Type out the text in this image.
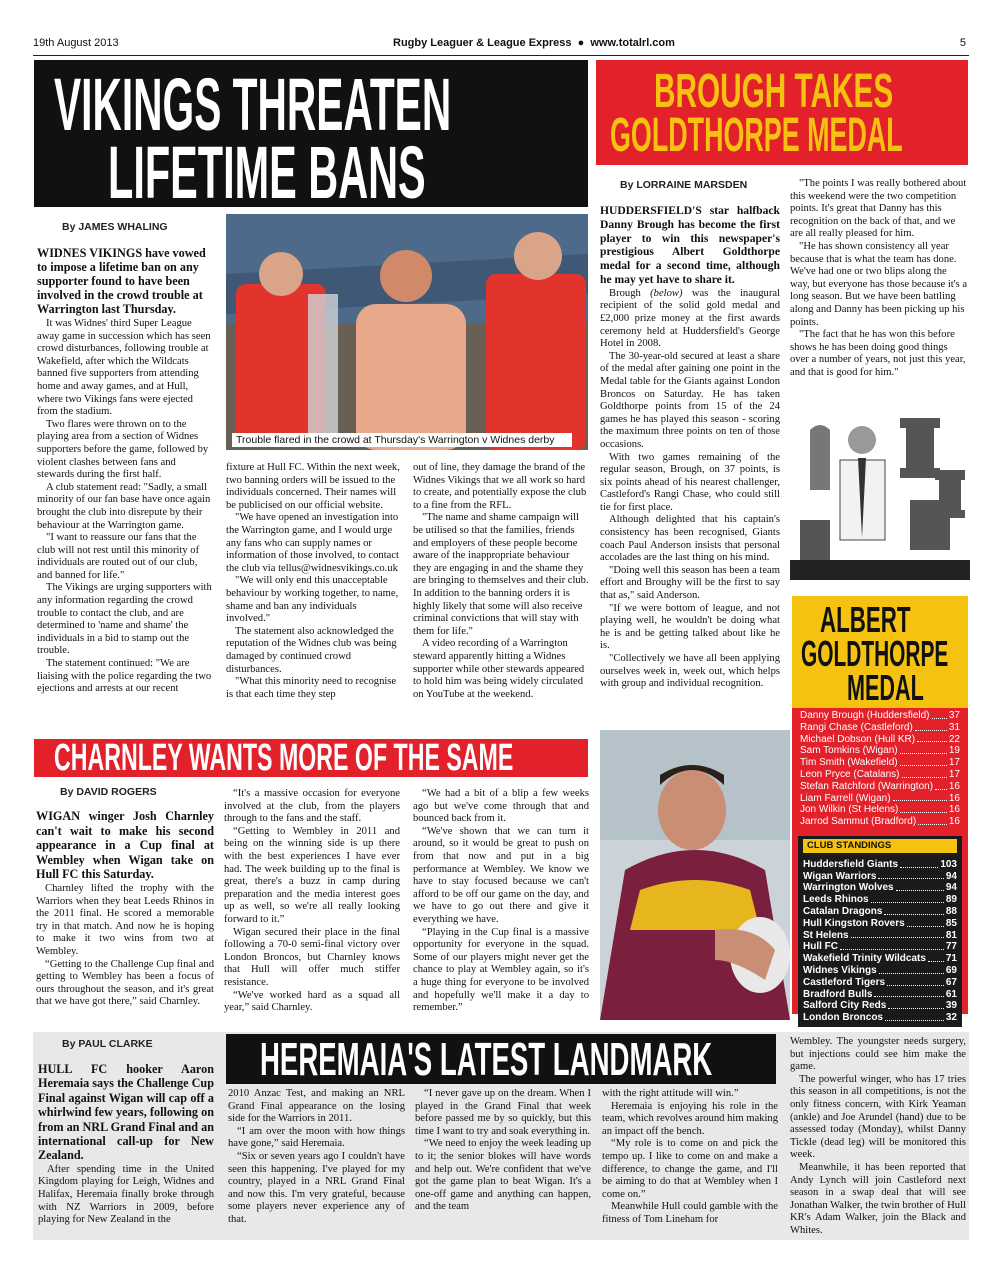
19th August 2013	Rugby Leaguer & League Express  ●  www.totalrl.com	5
VIKINGS THREATEN
LIFETIME BANS
BROUGH TAKES
GOLDTHORPE MEDAL
By JAMES WHALING

WIDNES VIKINGS have vowed to impose a lifetime ban on any supporter found to have been involved in the crowd trouble at Warrington last Thursday.

It was Widnes' third Super League away game in succession which has seen crowd disturbances, following trouble at Wakefield, after which the Wildcats banned five supporters from attending home and away games, and at Hull, where two Vikings fans were ejected from the stadium.

Two flares were thrown on to the playing area from a section of Widnes supporters before the game, followed by violent clashes between fans and stewards during the first half.

A club statement read: "Sadly, a small minority of our fan base have once again brought the club into disrepute by their behaviour at the Warrington game.

"I want to reassure our fans that the club will not rest until this minority of individuals are routed out of our club, and banned for life."

The Vikings are urging supporters with any information regarding the crowd trouble to contact the club, and are determined to 'name and shame' the individuals in a bid to stamp out the trouble.

The statement continued: "We are liaising with the police regarding the two ejections and arrests at our recent

Trouble flared in the crowd at Thursday's Warrington v Widnes derby

fixture at Hull FC. Within the next week, two banning orders will be issued to the individuals concerned. Their names will be publicised on our official website.

"We have opened an investigation into the Warrington game, and I would urge any fans who can supply names or information of those involved, to contact the club via tellus@widnesvikings.co.uk

"We will only end this unacceptable behaviour by working together, to name, shame and ban any individuals involved."

The statement also acknowledged the reputation of the Widnes club was being damaged by continued crowd disturbances.

"What this minority need to recognise is that each time they step

out of line, they damage the brand of the Widnes Vikings that we all work so hard to create, and potentially expose the club to a fine from the RFL.

"The name and shame campaign will be utilised so that the families, friends and employers of these people become aware of the inappropriate behaviour they are engaging in and the shame they are bringing to themselves and their club. In addition to the banning orders it is highly likely that some will also receive criminal convictions that will stay with them for life."

A video recording of a Warrington steward apparently hitting a Widnes supporter while other stewards appeared to hold him was being widely circulated on YouTube at the weekend.

By LORRAINE MARSDEN

HUDDERSFIELD'S star halfback Danny Brough has become the first player to win this newspaper's prestigious Albert Goldthorpe medal for a second time, although he may yet have to share it.

Brough (below) was the inaugural recipient of the solid gold medal and £2,000 prize money at the first awards ceremony held at Huddersfield's George Hotel in 2008.

The 30-year-old secured at least a share of the medal after gaining one point in the Medal table for the Giants against London Broncos on Saturday. He has taken Goldthorpe points from 15 of the 24 games he has played this season - scoring the maximum three points on ten of those occasions.

With two games remaining of the regular season, Brough, on 37 points, is six points ahead of his nearest challenger, Castleford's Rangi Chase, who could still tie for first place.

Although delighted that his captain's consistency has been recognised, Giants coach Paul Anderson insists that personal accolades are the last thing on his mind.

"Doing well this season has been a team effort and Broughy will be the first to say that as," said Anderson.

"If we were bottom of league, and not playing well, he wouldn't be doing what he is and be getting talked about like he is.

"Collectively we have all been applying ourselves week in, week out, which helps with group and individual recognition.

"The points I was really bothered about this weekend were the two competition points. It's great that Danny has this recognition on the back of that, and we are all really pleased for him.

"He has shown consistency all year because that is what the team has done. We've had one or two blips along the way, but everyone has those because it's a long season. But we have been battling along and Danny has been picking up his points.

"The fact that he has won this before shows he has been doing good things over a number of years, not just this year, and that is good for him."

ALBERT
GOLDTHORPE
MEDAL
Danny Brough (Huddersfield) 37
Rangi Chase (Castleford)	31
Michael Dobson (Hull KR)	22
Sam Tomkins (Wigan)	19
Tim Smith (Wakefield)	17
Leon Pryce (Catalans)	17
Stefan Ratchford (Warrington) 16
Liam Farrell (Wigan)	16
Jon Wilkin (St Helens)	16
Jarrod Sammut (Bradford)	16
CLUB STANDINGS
Huddersfield Giants	103
Wigan Warriors	94
Warrington Wolves	94
Leeds Rhinos	89
Catalan Dragons	88
Hull Kingston Rovers	85
St Helens	81
Hull FC	77
Wakefield Trinity Wildcats 71
Widnes Vikings	69
Castleford Tigers	67
Bradford Bulls	61
Salford City Reds	39
London Broncos	32
CHARNLEY WANTS MORE OF THE SAME
By DAVID ROGERS

WIGAN winger Josh Charnley can't wait to make his second appearance in a Cup final at Wembley when Wigan take on Hull FC this Saturday.

Charnley lifted the trophy with the Warriors when they beat Leeds Rhinos in the 2011 final. He scored a memorable try in that match. And now he is hoping to make it two wins from two at Wembley.

“Getting to the Challenge Cup final and getting to Wembley has been a focus of ours throughout the season, and it's great that we have got there,” said Charnley.

“It's a massive occasion for everyone involved at the club, from the players through to the fans and the staff.

“Getting to Wembley in 2011 and being on the winning side is up there with the best experiences I have ever had. The week building up to the final is great, there's a buzz in camp during preparation and the media interest goes up as well, so we're all really looking forward to it.”

Wigan secured their place in the final following a 70-0 semi-final victory over London Broncos, but Charnley knows that Hull will offer much stiffer resistance.

“We've worked hard as a squad all year,” said Charnley.

“We had a bit of a blip a few weeks ago but we've come through that and bounced back from it.

“We've shown that we can turn it around, so it would be great to push on from that now and put in a big performance at Wembley. We know we have to stay focused because we can't afford to be off our game on the day, and we have to go out there and give it everything we have.

“Playing in the Cup final is a massive opportunity for everyone in the squad. Some of our players might never get the chance to play at Wembley again, so it's a huge thing for everyone to be involved and hopefully we'll make it a day to remember.”

By PAUL CLARKE

HULL FC hooker Aaron Heremaia says the Challenge Cup Final against Wigan will cap off a whirlwind few years, following on from an NRL Grand Final and an international call-up for New Zealand.

After spending time in the United Kingdom playing for Leigh, Widnes and Halifax, Heremaia finally broke through with NZ Warriors in 2009, before playing for New Zealand in the

HEREMAIA'S LATEST LANDMARK

2010 Anzac Test, and making an NRL Grand Final appearance on the losing side for the Warriors in 2011.

“I am over the moon with how things have gone,” said Heremaia.

“Six or seven years ago I couldn't have seen this happening. I've played for my country, played in a NRL Grand Final and now this. I'm very grateful, because some players never experience any of that.

“I never gave up on the dream. When I played in the Grand Final that week before passed me by so quickly, but this time I want to try and soak everything in.

“We need to enjoy the week leading up to it; the senior blokes will have words and help out. We're confident that we've got the game plan to beat Wigan. It's a one-off game and anything can happen, and the team

with the right attitude will win.”

Heremaia is enjoying his role in the team, which revolves around him making an impact off the bench.

“My role is to come on and pick the tempo up. I like to come on and make a difference, to change the game, and I'll be aiming to do that at Wembley when I come on.”

Meanwhile Hull could gamble with the fitness of Tom Lineham for

Wembley. The youngster needs surgery, but injections could see him make the game.

The powerful winger, who has 17 tries this season in all competitions, is not the only fitness concern, with Kirk Yeaman (ankle) and Joe Arundel (hand) due to be assessed today (Monday), whilst Danny Tickle (dead leg) will be monitored this week.

Meanwhile, it has been reported that Andy Lynch will join Castleford next season in a swap deal that will see Jonathan Walker, the twin brother of Hull KR's Adam Walker, join the Black and Whites.
